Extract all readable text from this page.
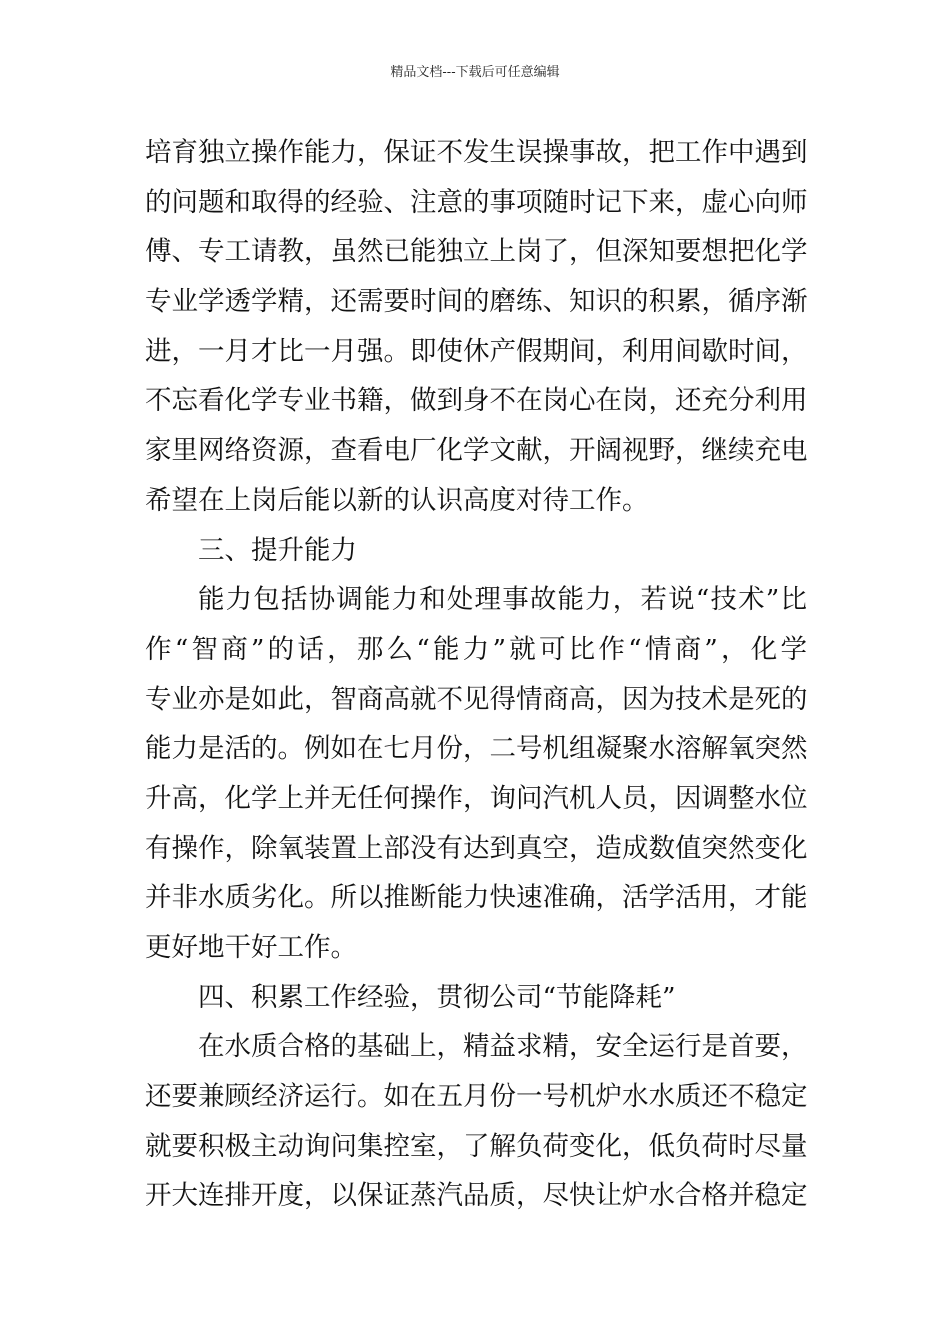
精品文档---下载后可任意编辑
培育独立操作能力，保证不发生误操事故，把工作中遇到
的问题和取得的经验、注意的事项随时记下来，虚心向师
傅、专工请教，虽然已能独立上岗了，但深知要想把化学
专业学透学精，还需要时间的磨练、知识的积累，循序渐
进，一月才比一月强。即使休产假期间，利用间歇时间，
不忘看化学专业书籍，做到身不在岗心在岗，还充分利用
家里网络资源，查看电厂化学文献，开阔视野，继续充电
希望在上岗后能以新的认识高度对待工作。
三、提升能力
能力包括协调能力和处理事故能力，若说“技术”比
作“智商”的话，那么“能力”就可比作“情商”，化学
专业亦是如此，智商高就不见得情商高，因为技术是死的
能力是活的。例如在七月份，二号机组凝聚水溶解氧突然
升高，化学上并无任何操作，询问汽机人员，因调整水位
有操作，除氧装置上部没有达到真空，造成数值突然变化
并非水质劣化。所以推断能力快速准确，活学活用，才能
更好地干好工作。
四、积累工作经验，贯彻公司“节能降耗”
在水质合格的基础上，精益求精，安全运行是首要，
还要兼顾经济运行。如在五月份一号机炉水水质还不稳定
就要积极主动询问集控室，了解负荷变化，低负荷时尽量
开大连排开度，以保证蒸汽品质，尽快让炉水合格并稳定
